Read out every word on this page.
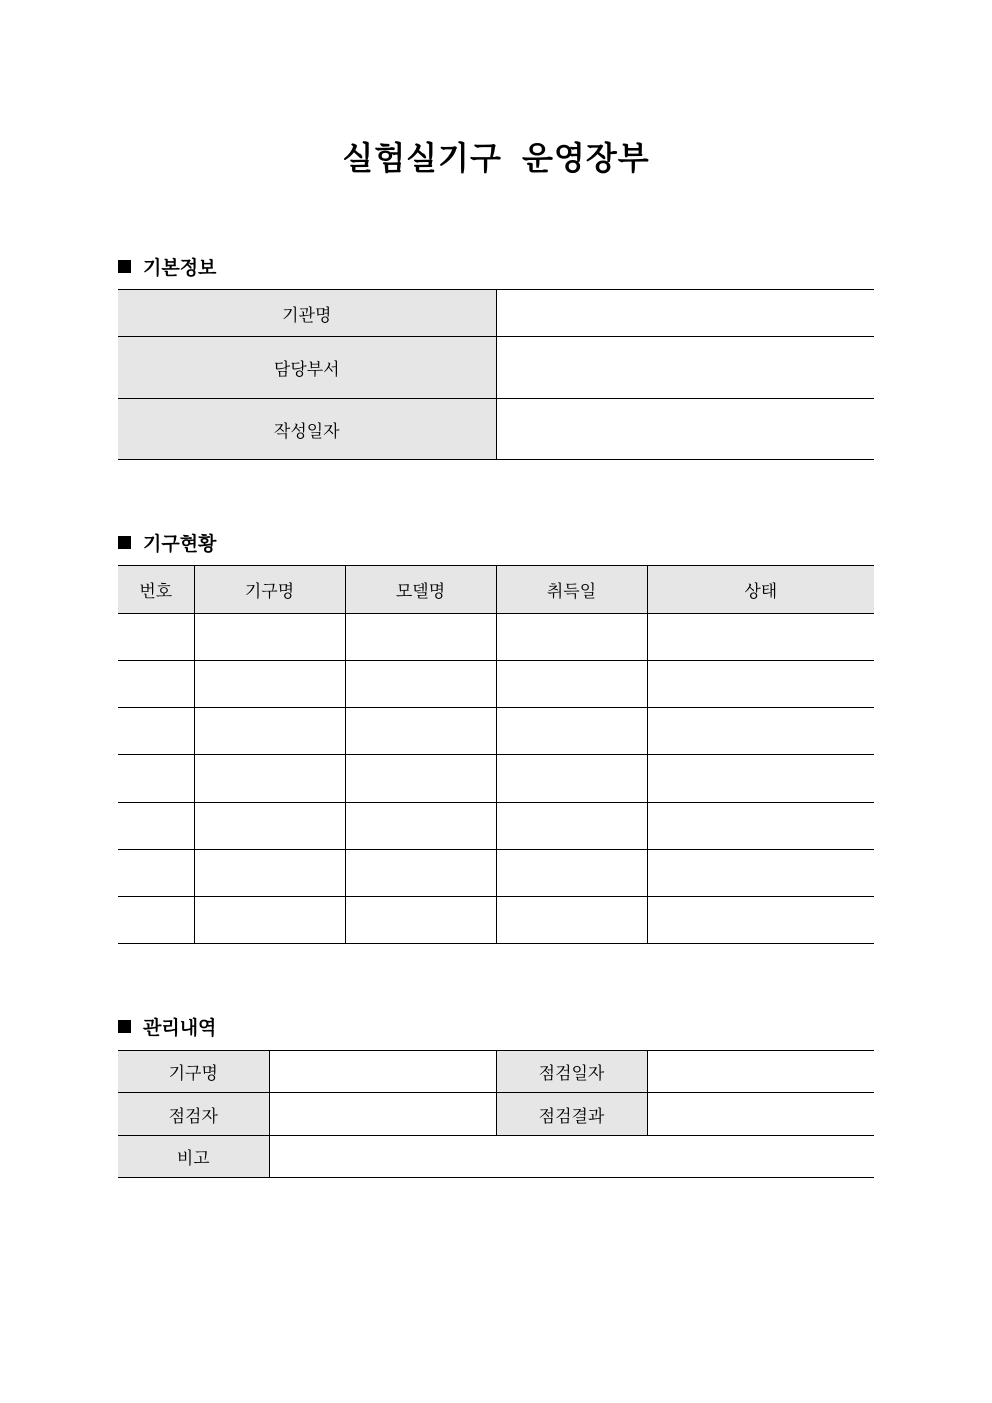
실험실기구 운영장부
기본정보
기관명	
담당부서	
작성일자	
기구현황
번호	기구명	모델명	취득일	상태

관리내역
기구명		점검일자	
점검자		점검결과	
비고			
